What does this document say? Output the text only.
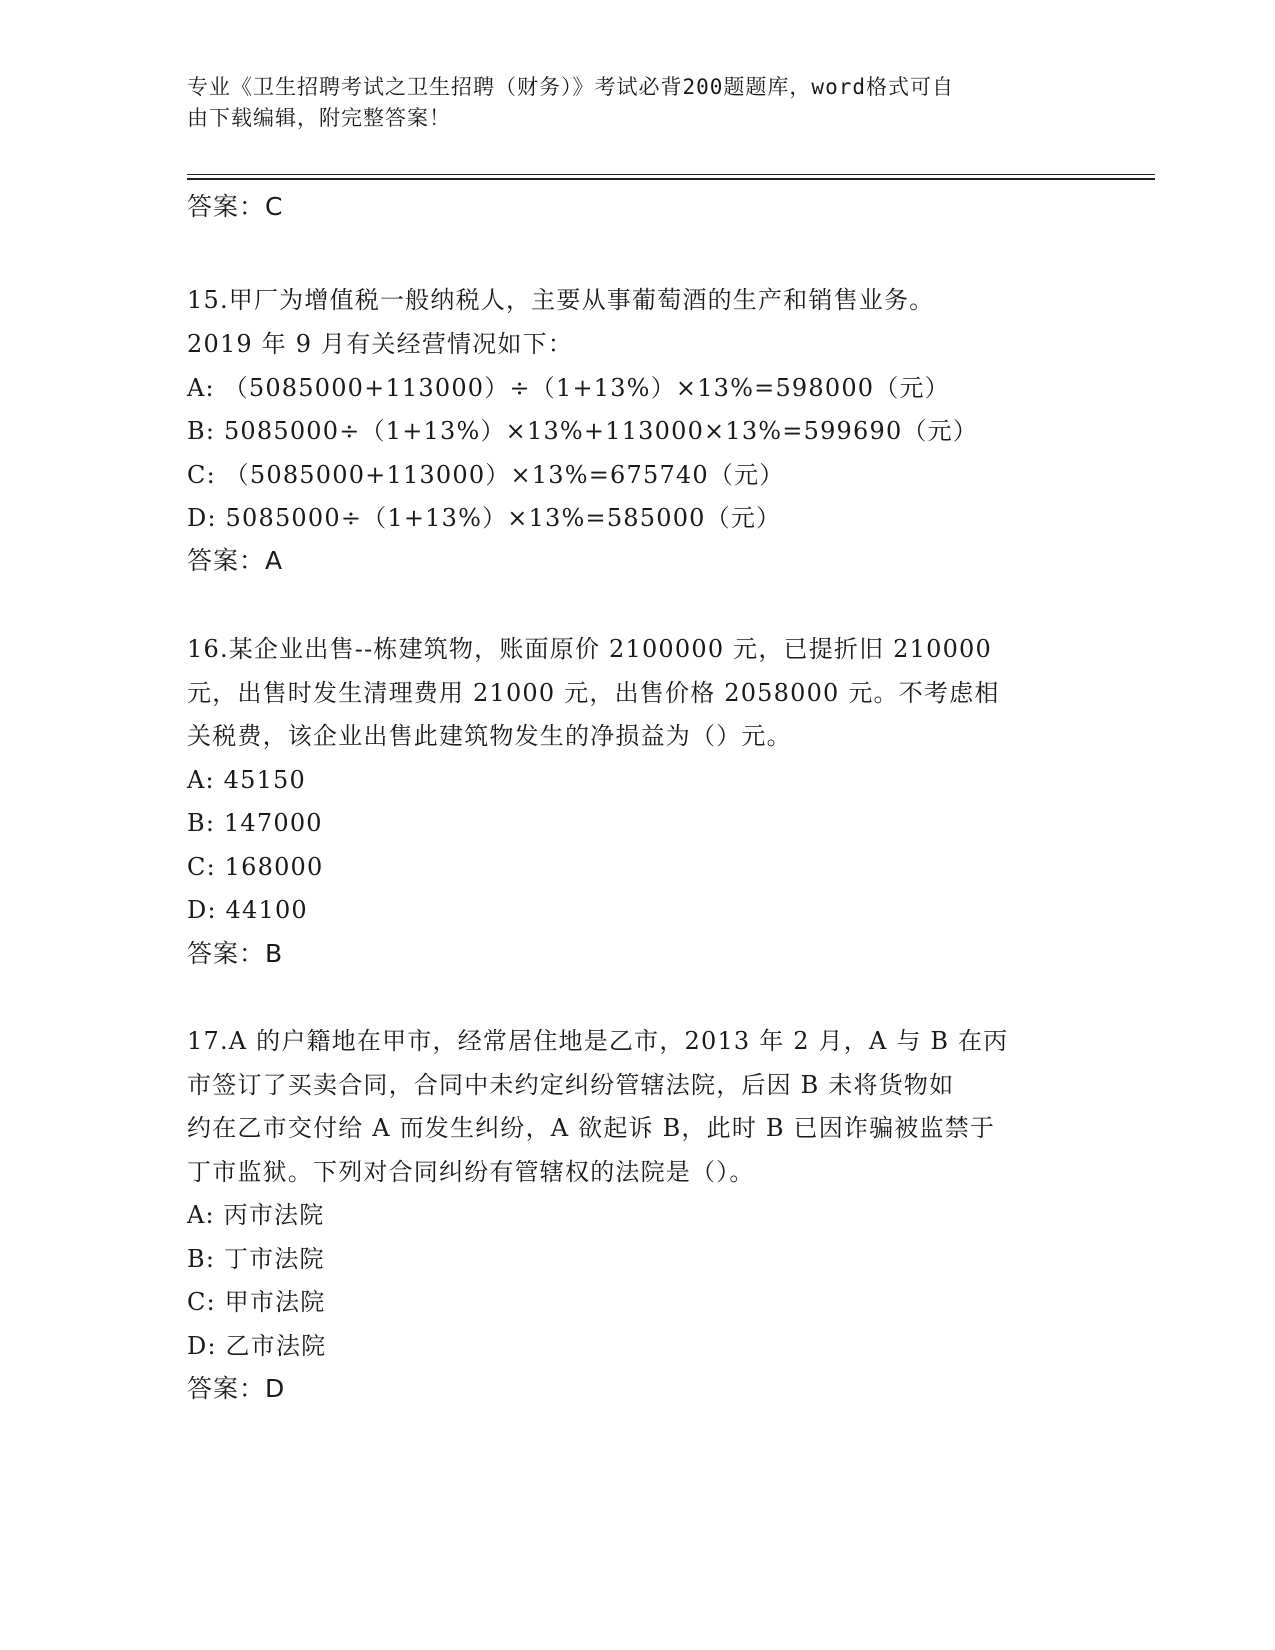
专业《卫生招聘考试之卫生招聘（财务）》考试必背200题题库，word格式可自
由下载编辑，附完整答案！
答案：C
15.甲厂为增值税一般纳税人，主要从事葡萄酒的生产和销售业务。
2019 年 9 月有关经营情况如下：
A: （5085000+113000）÷（1+13%）×13%=598000（元）
B: 5085000÷（1+13%）×13%+113000×13%=599690（元）
C: （5085000+113000）×13%=675740（元）
D: 5085000÷（1+13%）×13%=585000（元）
答案：A
16.某企业出售--栋建筑物，账面原价 2100000 元，已提折旧 210000
元，出售时发生清理费用 21000 元，出售价格 2058000 元。不考虑相
关税费，该企业出售此建筑物发生的净损益为（）元。
A: 45150
B: 147000
C: 168000
D: 44100
答案：B
17.A 的户籍地在甲市，经常居住地是乙市，2013 年 2 月，A 与 B 在丙
市签订了买卖合同，合同中未约定纠纷管辖法院，后因 B 未将货物如
约在乙市交付给 A 而发生纠纷，A 欲起诉 B，此时 B 已因诈骗被监禁于
丁市监狱。下列对合同纠纷有管辖权的法院是（）。
A: 丙市法院
B: 丁市法院
C: 甲市法院
D: 乙市法院
答案：D
